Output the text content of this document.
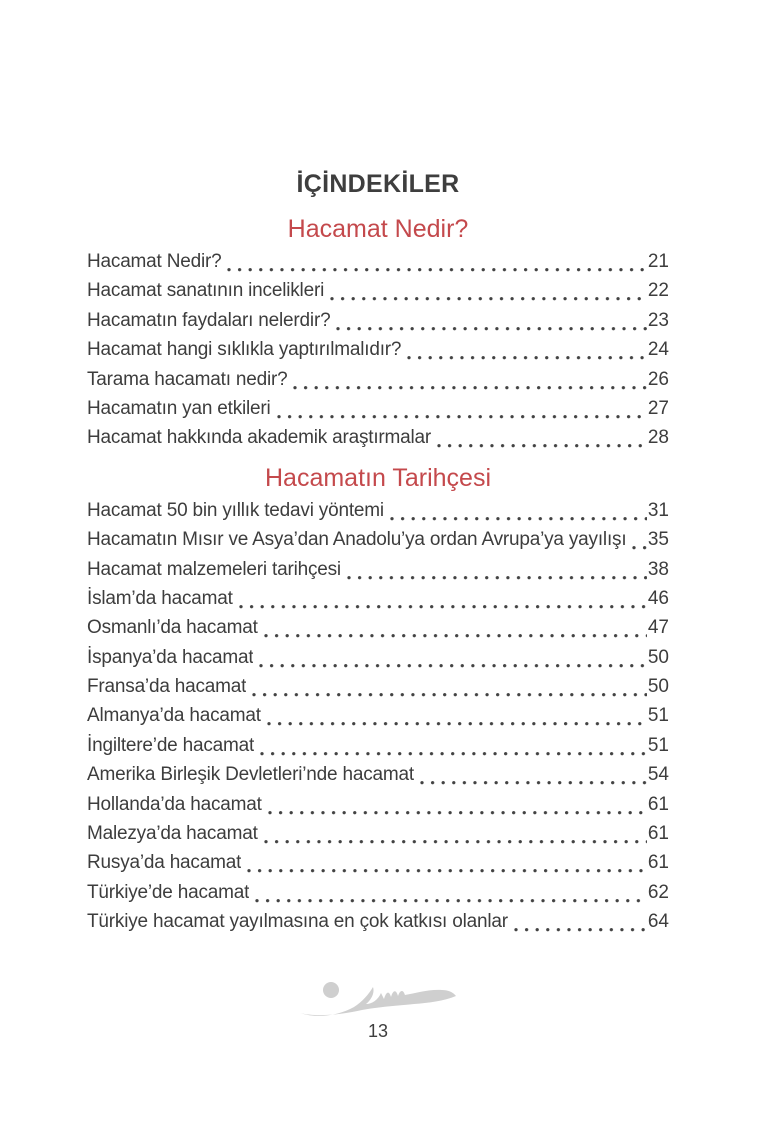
İÇİNDEKİLER
Hacamat Nedir?
Hacamat Nedir?	21
Hacamat sanatının incelikleri	22
Hacamatın faydaları nelerdir?	23
Hacamat hangi sıklıkla yaptırılmalıdır?	24
Tarama hacamatı nedir?	26
Hacamatın yan etkileri	27
Hacamat hakkında akademik araştırmalar	28
Hacamatın Tarihçesi
Hacamat 50 bin yıllık tedavi yöntemi	31
Hacamatın Mısır ve Asya’dan Anadolu’ya ordan Avrupa’ya yayılışı 35
Hacamat malzemeleri tarihçesi	38
İslam’da hacamat	46
Osmanlı’da hacamat	47
İspanya’da hacamat	50
Fransa’da hacamat	50
Almanya’da hacamat	51
İngiltere’de hacamat	51
Amerika Birleşik Devletleri’nde hacamat	54
Hollanda’da hacamat	61
Malezya’da hacamat	61
Rusya’da hacamat	61
Türkiye’de hacamat	62
Türkiye hacamat yayılmasına en çok katkısı olanlar	64
13
